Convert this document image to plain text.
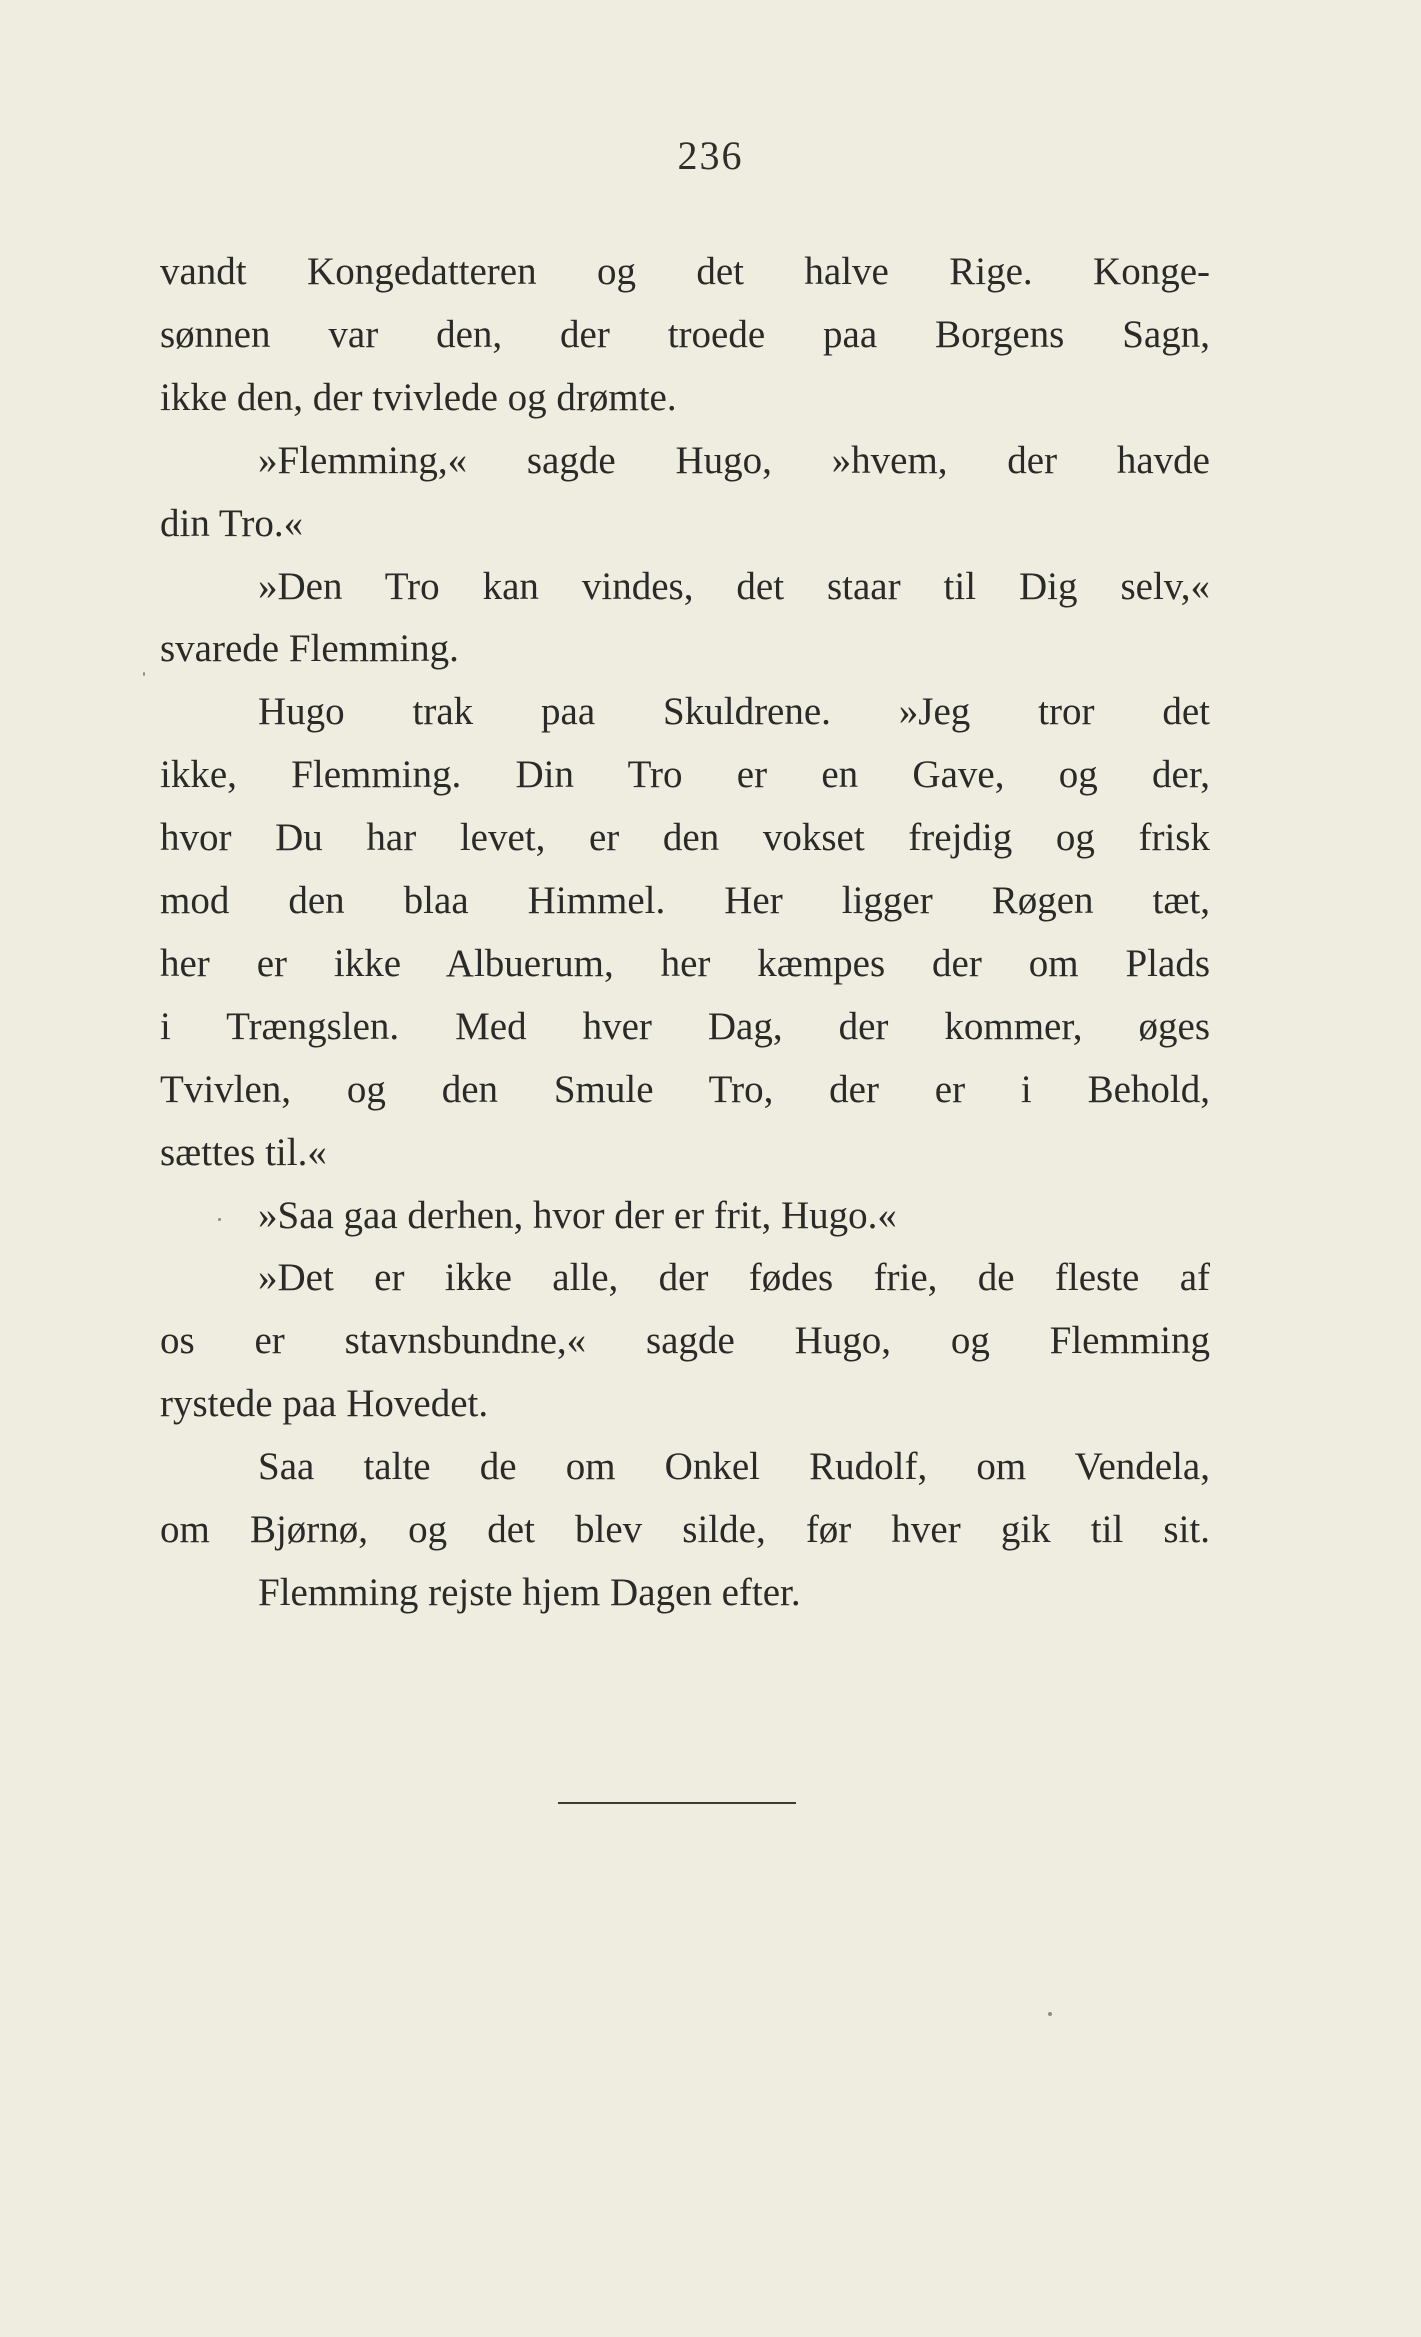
236
vandt Kongedatteren og det halve Rige. Konge-
sønnen var den, der troede paa Borgens Sagn,
ikke den, der tvivlede og drømte.
»Flemming,« sagde Hugo, »hvem, der havde
din Tro.«
»Den Tro kan vindes, det staar til Dig selv,«
svarede Flemming.
Hugo trak paa Skuldrene. »Jeg tror det
ikke, Flemming. Din Tro er en Gave, og der,
hvor Du har levet, er den vokset frejdig og frisk
mod den blaa Himmel. Her ligger Røgen tæt,
her er ikke Albuerum, her kæmpes der om Plads
i Trængslen. Med hver Dag, der kommer, øges
Tvivlen, og den Smule Tro, der er i Behold,
sættes til.«
»Saa gaa derhen, hvor der er frit, Hugo.«
»Det er ikke alle, der fødes frie, de fleste af
os er stavnsbundne,« sagde Hugo, og Flemming
rystede paa Hovedet.
Saa talte de om Onkel Rudolf, om Vendela,
om Bjørnø, og det blev silde, før hver gik til sit.
Flemming rejste hjem Dagen efter.
